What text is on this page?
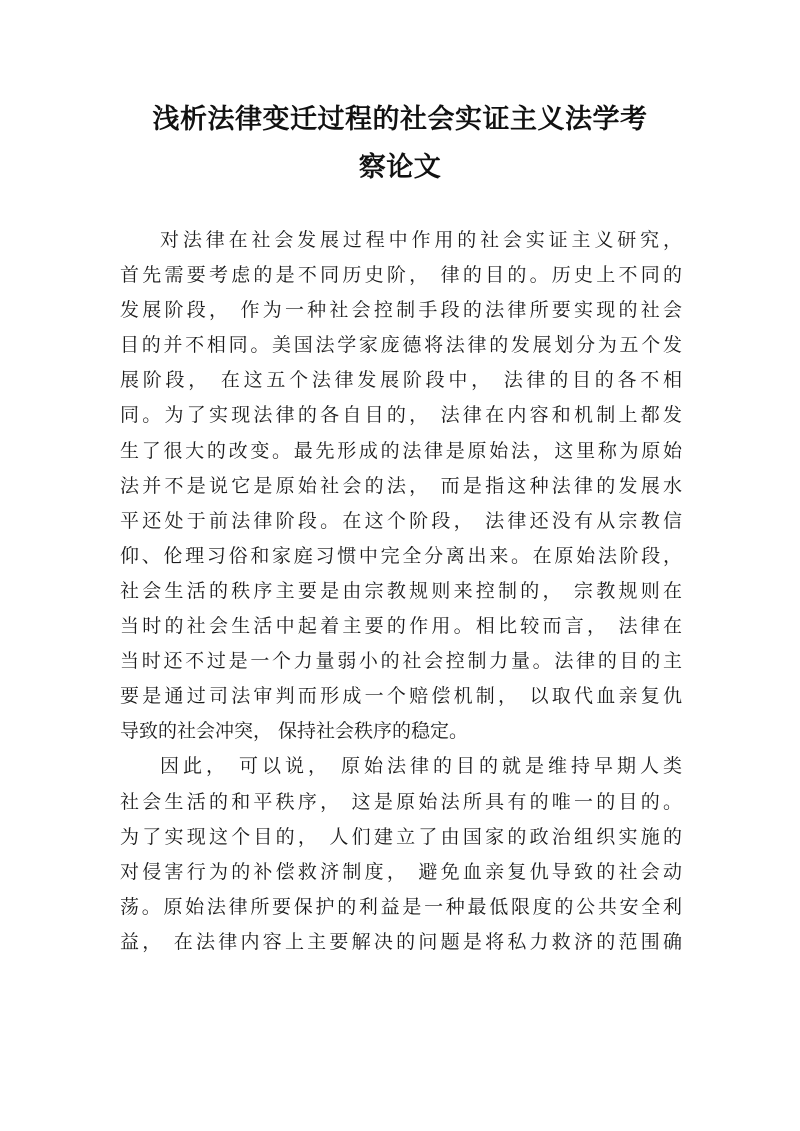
浅析法律变迁过程的社会实证主义法学考
察论文

对法律在社会发展过程中作用的社会实证主义研究，
首先需要考虑的是不同历史阶， 律的目的。历史上不同的
发展阶段， 作为一种社会控制手段的法律所要实现的社会
目的并不相同。美国法学家庞德将法律的发展划分为五个发
展阶段， 在这五个法律发展阶段中， 法律的目的各不相
同。为了实现法律的各自目的， 法律在内容和机制上都发
生了很大的改变。最先形成的法律是原始法，这里称为原始
法并不是说它是原始社会的法， 而是指这种法律的发展水
平还处于前法律阶段。在这个阶段， 法律还没有从宗教信
仰、伦理习俗和家庭习惯中完全分离出来。在原始法阶段，
社会生活的秩序主要是由宗教规则来控制的， 宗教规则在
当时的社会生活中起着主要的作用。相比较而言， 法律在
当时还不过是一个力量弱小的社会控制力量。法律的目的主
要是通过司法审判而形成一个赔偿机制， 以取代血亲复仇
导致的社会冲突， 保持社会秩序的稳定。

因此， 可以说， 原始法律的目的就是维持早期人类
社会生活的和平秩序， 这是原始法所具有的唯一的目的。
为了实现这个目的， 人们建立了由国家的政治组织实施的
对侵害行为的补偿救济制度， 避免血亲复仇导致的社会动
荡。原始法律所要保护的利益是一种最低限度的公共安全利
益， 在法律内容上主要解决的问题是将私力救济的范围确
